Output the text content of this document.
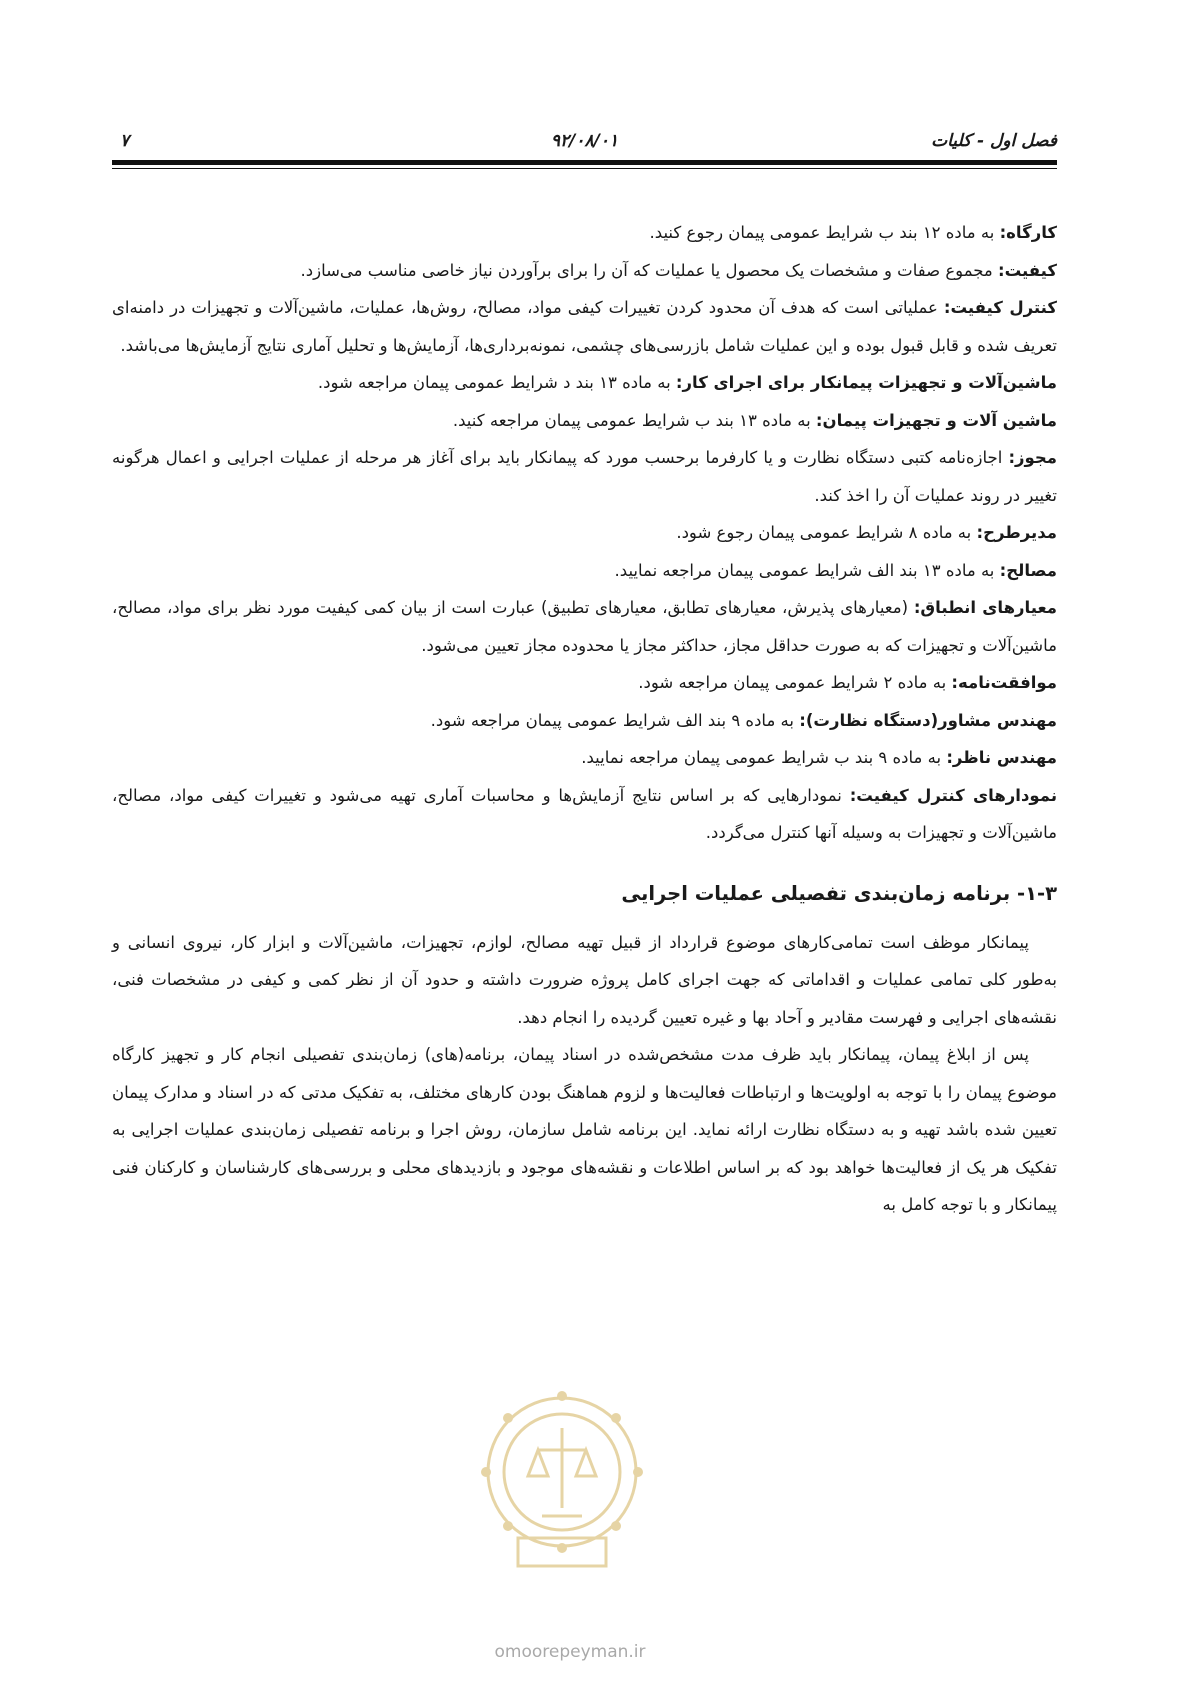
فصل اول - کلیات
۹۲/۰۸/۰۱
۷

کارگاه: به ماده ۱۲ بند ب شرایط عمومی پیمان رجوع کنید.

کیفیت: مجموع صفات و مشخصات یک محصول یا عملیات که آن را برای برآوردن نیاز خاصی مناسب می‌سازد.

کنترل کیفیت: عملیاتی است که هدف آن محدود کردن تغییرات کیفی مواد، مصالح، روش‌ها، عملیات، ماشین‌آلات و تجهیزات در دامنه‌ای تعریف شده و قابل قبول بوده و این عملیات شامل بازرسی‌های چشمی، نمونه‌برداری‌ها، آزمایش‌ها و تحلیل آماری نتایج آزمایش‌ها می‌باشد.

ماشین‌آلات و تجهیزات پیمانکار برای اجرای کار: به ماده ۱۳ بند د شرایط عمومی پیمان مراجعه شود.

ماشین آلات و تجهیزات پیمان: به ماده ۱۳ بند ب شرایط عمومی پیمان مراجعه کنید.

مجوز: اجازه‌نامه کتبی دستگاه نظارت و یا کارفرما برحسب مورد که پیمانکار باید برای آغاز هر مرحله از عملیات اجرایی و اعمال هرگونه تغییر در روند عملیات آن را اخذ کند.

مدیرطرح: به ماده ۸ شرایط عمومی پیمان رجوع شود.

مصالح: به ماده ۱۳ بند الف شرایط عمومی پیمان مراجعه نمایید.

معیارهای انطباق: (معیارهای پذیرش، معیارهای تطابق، معیارهای تطبیق) عبارت است از بیان کمی کیفیت مورد نظر برای مواد، مصالح، ماشین‌آلات و تجهیزات که به صورت حداقل مجاز، حداکثر مجاز یا محدوده مجاز تعیین می‌شود.

موافقت‌نامه: به ماده ۲ شرایط عمومی پیمان مراجعه شود.

مهندس مشاور(دستگاه نظارت): به ماده ۹ بند الف شرایط عمومی پیمان مراجعه شود.

مهندس ناظر: به ماده ۹ بند ب شرایط عمومی پیمان مراجعه نمایید.

نمودارهای کنترل کیفیت: نمودارهایی که بر اساس نتایج آزمایش‌ها و محاسبات آماری تهیه می‌شود و تغییرات کیفی مواد، مصالح، ماشین‌آلات و تجهیزات به وسیله آنها کنترل می‌گردد.

۱-۳- برنامه زمان‌بندی تفصیلی عملیات اجرایی

پیمانکار موظف است تمامی‌کارهای موضوع قرارداد از قبیل تهیه مصالح، لوازم، تجهیزات، ماشین‌آلات و ابزار کار، نیروی انسانی و به‌طور کلی تمامی عملیات و اقداماتی که جهت اجرای کامل پروژه ضرورت داشته و حدود آن از نظر کمی و کیفی در مشخصات فنی، نقشه‌های اجرایی و فهرست مقادیر و آحاد بها و غیره تعیین گردیده را انجام دهد.

پس از ابلاغ پیمان، پیمانکار باید ظرف مدت مشخص‌شده در اسناد پیمان، برنامه(های) زمان‌بندی تفصیلی انجام کار و تجهیز کارگاه موضوع پیمان را با توجه به اولویت‌ها و ارتباطات فعالیت‌ها و لزوم هماهنگ بودن کارهای مختلف، به تفکیک مدتی که در اسناد و مدارک پیمان تعیین شده باشد تهیه و به دستگاه نظارت ارائه نماید. این برنامه شامل سازمان، روش اجرا و برنامه تفصیلی زمان‌بندی عملیات اجرایی به تفکیک هر یک از فعالیت‌ها خواهد بود که بر اساس اطلاعات و نقشه‌های موجود و بازدیدهای محلی و بررسی‌های کارشناسان و کارکنان فنی پیمانکار و با توجه کامل به

omoorepeyman.ir
